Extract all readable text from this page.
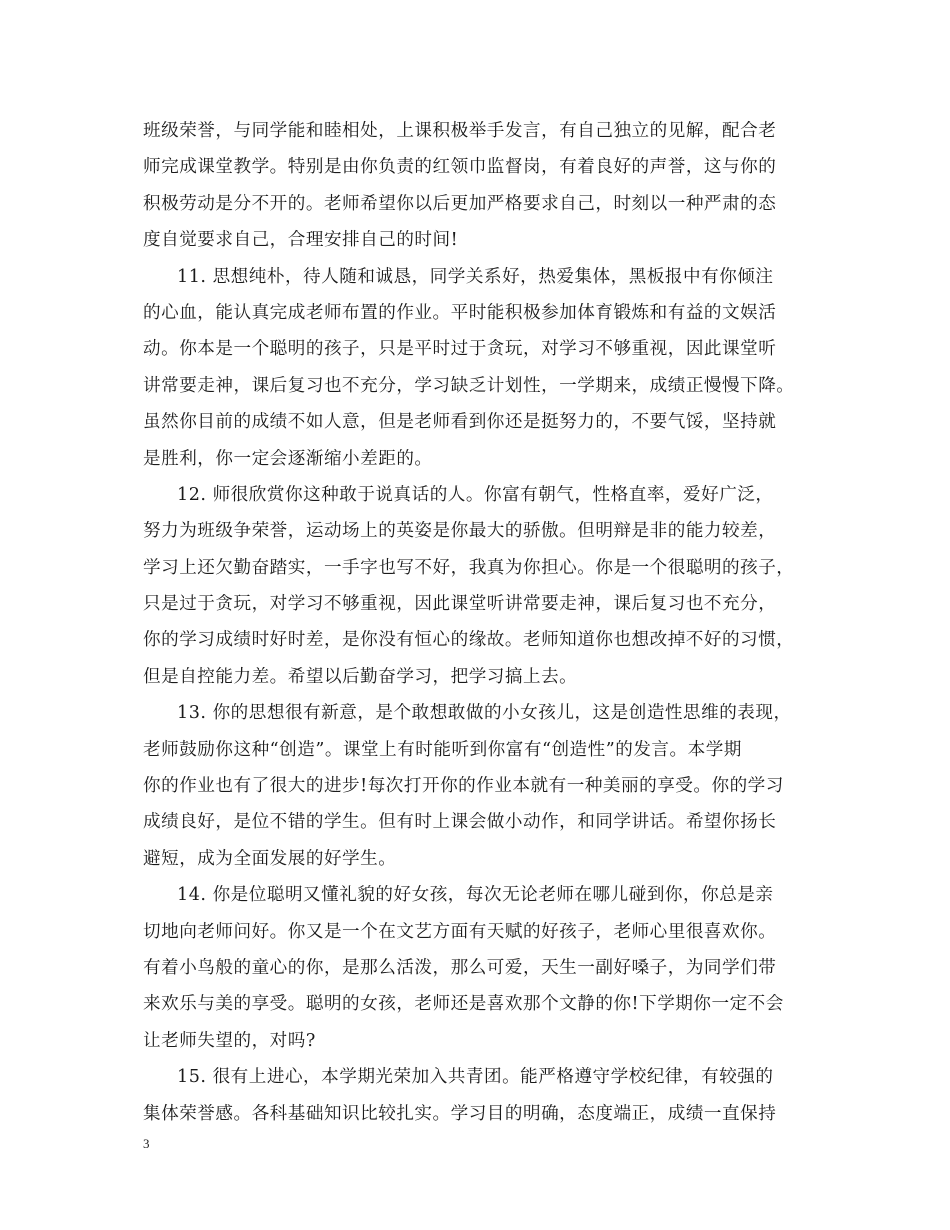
班级荣誉，与同学能和睦相处，上课积极举手发言，有自己独立的见解，配合老
师完成课堂教学。特别是由你负责的红领巾监督岗，有着良好的声誉，这与你的
积极劳动是分不开的。老师希望你以后更加严格要求自己，时刻以一种严肃的态
度自觉要求自己，合理安排自己的时间!
11. 思想纯朴，待人随和诚恳，同学关系好，热爱集体，黑板报中有你倾注
的心血，能认真完成老师布置的作业。平时能积极参加体育锻炼和有益的文娱活
动。你本是一个聪明的孩子，只是平时过于贪玩，对学习不够重视，因此课堂听
讲常要走神，课后复习也不充分，学习缺乏计划性，一学期来，成绩正慢慢下降。
虽然你目前的成绩不如人意，但是老师看到你还是挺努力的，不要气馁，坚持就
是胜利，你一定会逐渐缩小差距的。
12. 师很欣赏你这种敢于说真话的人。你富有朝气，性格直率，爱好广泛，
努力为班级争荣誉，运动场上的英姿是你最大的骄傲。但明辩是非的能力较差，
学习上还欠勤奋踏实，一手字也写不好，我真为你担心。你是一个很聪明的孩子，
只是过于贪玩，对学习不够重视，因此课堂听讲常要走神，课后复习也不充分，
你的学习成绩时好时差，是你没有恒心的缘故。老师知道你也想改掉不好的习惯，
但是自控能力差。希望以后勤奋学习，把学习搞上去。
13. 你的思想很有新意，是个敢想敢做的小女孩儿，这是创造性思维的表现，
老师鼓励你这种“创造”。课堂上有时能听到你富有“创造性”的发言。本学期
你的作业也有了很大的进步!每次打开你的作业本就有一种美丽的享受。你的学习
成绩良好，是位不错的学生。但有时上课会做小动作，和同学讲话。希望你扬长
避短，成为全面发展的好学生。
14. 你是位聪明又懂礼貌的好女孩，每次无论老师在哪儿碰到你，你总是亲
切地向老师问好。你又是一个在文艺方面有天赋的好孩子，老师心里很喜欢你。
有着小鸟般的童心的你，是那么活泼，那么可爱，天生一副好嗓子，为同学们带
来欢乐与美的享受。聪明的女孩，老师还是喜欢那个文静的你!下学期你一定不会
让老师失望的，对吗?
15. 很有上进心，本学期光荣加入共青团。能严格遵守学校纪律，有较强的
集体荣誉感。各科基础知识比较扎实。学习目的明确，态度端正，成绩一直保持
3
